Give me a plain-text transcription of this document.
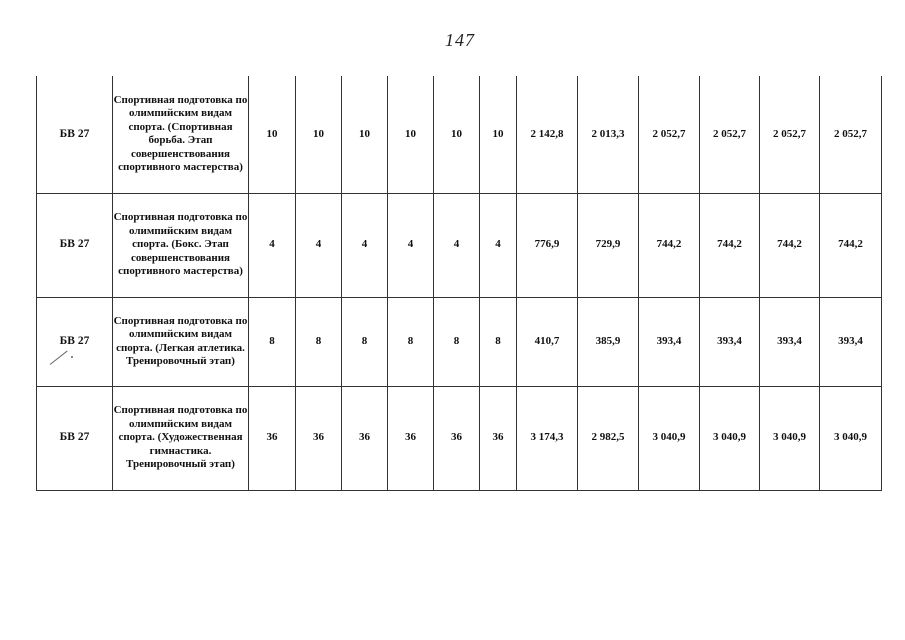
147
БВ 27	Спортивная подготовка по олимпийским видам спорта. (Спортивная борьба. Этап совершенствования спортивного мастерства)	10	10	10	10	10	10	2 142,8	2 013,3	2 052,7	2 052,7	2 052,7	2 052,7
БВ 27	Спортивная подготовка по олимпийским видам спорта. (Бокс. Этап совершенствования спортивного мастерства)	4	4	4	4	4	4	776,9	729,9	744,2	744,2	744,2	744,2
БВ 27	Спортивная подготовка по олимпийским видам спорта. (Легкая атлетика. Тренировочный этап)	8	8	8	8	8	8	410,7	385,9	393,4	393,4	393,4	393,4
БВ 27	Спортивная подготовка по олимпийским видам спорта. (Художественная гимнастика. Тренировочный этап)	36	36	36	36	36	36	3 174,3	2 982,5	3 040,9	3 040,9	3 040,9	3 040,9
